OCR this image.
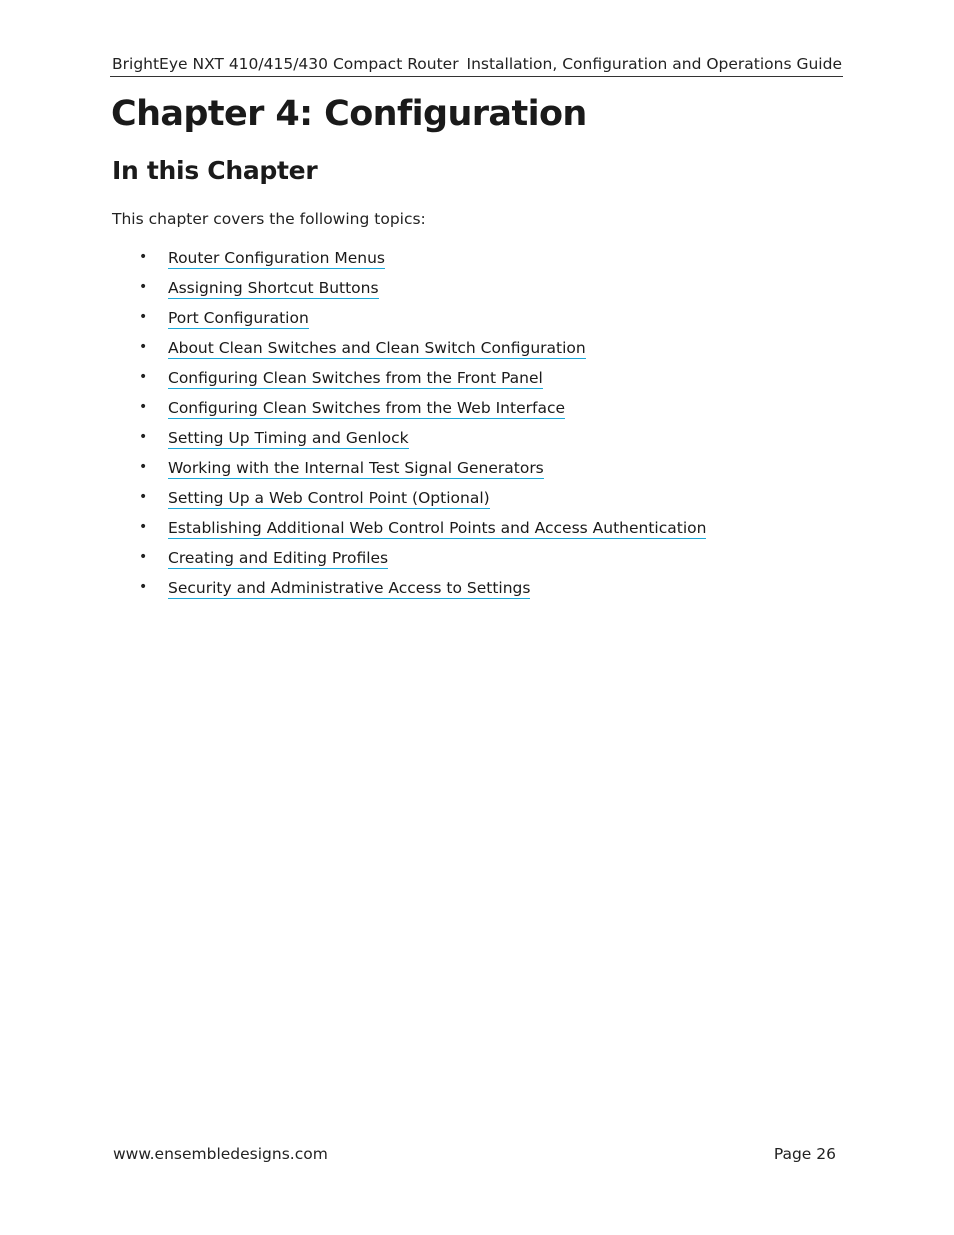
BrightEye NXT 410/415/430 Compact Router Installation, Configuration and Operations Guide
Chapter 4: Configuration
In this Chapter

This chapter covers the following topics:

• Router Configuration Menus
• Assigning Shortcut Buttons
• Port Configuration
• About Clean Switches and Clean Switch Configuration
• Configuring Clean Switches from the Front Panel
• Configuring Clean Switches from the Web Interface
• Setting Up Timing and Genlock
• Working with the Internal Test Signal Generators
• Setting Up a Web Control Point (Optional)
• Establishing Additional Web Control Points and Access Authentication
• Creating and Editing Profiles
• Security and Administrative Access to Settings
www.ensembledesigns.com	Page 26
